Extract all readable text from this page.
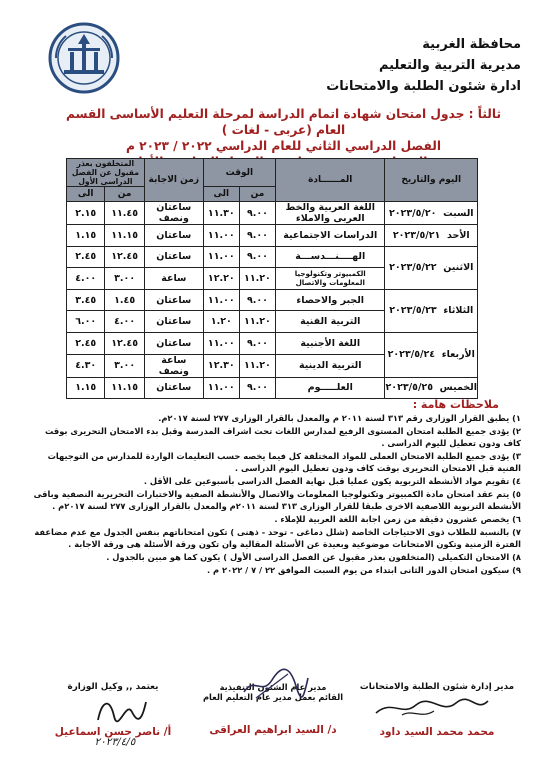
محافظة الغربية
مديرية التربية والتعليم
ادارة شئون الطلبة والامتحانات
ثالثاً : جدول امتحان شهادة اتمام الدراسة لمرحلة التعليم الأساسى القسم العام (عربى - لغات )
الفصل الدراسي الثاني للعام الدراسي ٢٠٢٢ / ٢٠٢٣ م
اليوم والتاريخ	المــــــادة	الوقت		زمن الاجابة	المتخلفون بعذر مقبول عن الفصل الدراسى الأول	
		من	الى		من	الى
السبت  ٢٠٢٣/٥/٢٠	اللغة العربية والخط العربى والاملاء	٩.٠٠	١١.٣٠	ساعتان ونصف	١١.٤٥	٢.١٥
الأحد  ٢٠٢٣/٥/٢١	الدراسات الاجتماعية	٩.٠٠	١١.٠٠	ساعتان	١١.١٥	١.١٥
الاثنين  ٢٠٢٣/٥/٢٢	الهــــنـــدســـة	٩.٠٠	١١.٠٠	ساعتان	١٢.٤٥	٢.٤٥
	الكمبيوتر وتكنولوجيا المعلومات والاتصال	١١.٢٠	١٢.٢٠	ساعة	٣.٠٠	٤.٠٠
الثلاثاء  ٢٠٢٣/٥/٢٣	الجبر والاحصاء	٩.٠٠	١١.٠٠	ساعتان	١.٤٥	٣.٤٥
	التربية الفنية	١١.٢٠	١.٢٠	ساعتان	٤.٠٠	٦.٠٠
الأربعاء  ٢٠٢٣/٥/٢٤	اللغة الأجنبية	٩.٠٠	١١.٠٠	ساعتان	١٢.٤٥	٢.٤٥
	التربية الدينية	١١.٢٠	١٢.٣٠	ساعة ونصف	٣.٠٠	٤.٣٠
الخميس  ٢٠٢٣/٥/٢٥	العلـــــوم	٩.٠٠	١١.٠٠	ساعتان	١١.١٥	١.١٥
ملاحظات هامة :
١) يطبق القرار الوزارى رقم ٣١٣ لسنة ٢٠١١ م والمعدل بالقرار الوزارى ٢٧٧ لسنة ٢٠١٧م.
٢) يؤدى جميع الطلبة امتحان المستوى الرفيع لمدارس اللغات تحت اشراف المدرسة وقبل بدء الامتحان التحريرى بوقت كاف ودون تعطيل لليوم الدراسى .
٣) يؤدى جميع الطلبة الامتحان العملى للمواد المختلفة كل فيما يخصه حسب التعليمات الواردة للمدارس من التوجيهات الفنية قبل الامتحان التحريرى بوقت كاف ودون تعطيل اليوم الدراسى .
٤) تقويم مواد الأنشطة التربوية يكون عمليا قبل نهاية الفصل الدراسى بأسبوعين على الأقل .
٥) يتم عقد امتحان مادة الكمبيوتر وتكنولوجيا المعلومات والاتصال والأنشطة الصفية والاختبارات التحريرية النصفية وباقى الأنشطة التربوية اللاصفية الاخرى طبقا للقرار الوزارى ٣١٣ لسنة ٢٠١١م والمعدل بالقرار الوزارى ٢٧٧ لسنة ٢٠١٧م .
٦) يخصص عشرون دقيقة من زمن اجابة اللغة العربية للإملاء .
٧) بالنسبة للطلاب ذوى الاحتياجات الخاصة (شلل دماغى - توحد - ذهنى ) تكون امتحاناتهم بنفس الجدول مع عدم مضاعفة الفترة الزمنية وتكون الامتحانات موضوعية وبعيدة عن الأسئلة المقالية وان تكون ورقة الأسئلة هى ورقة الاجابة .
٨) الامتحان التكميلى (المتخلفون بعذر مقبول عن الفصل الدراسى الأول ) يكون كما هو مبين بالجدول .
٩) سيكون امتحان الدور الثانى ابتداء من يوم السبت الموافق ٢٢ / ٧ / ٢٠٢٢ م .
مدير إدارة شئون الطلبة والامتحانات
محمد محمد السيد داود
مدير عام الشئون التنفيذية
القائم بعمل مدير عام التعليم العام
د/ السيد ابراهيم العراقى
يعتمد ,, وكيل الوزارة
أ/ ناصر حسن اسماعيل
٢٠٢٣/٤/٥
